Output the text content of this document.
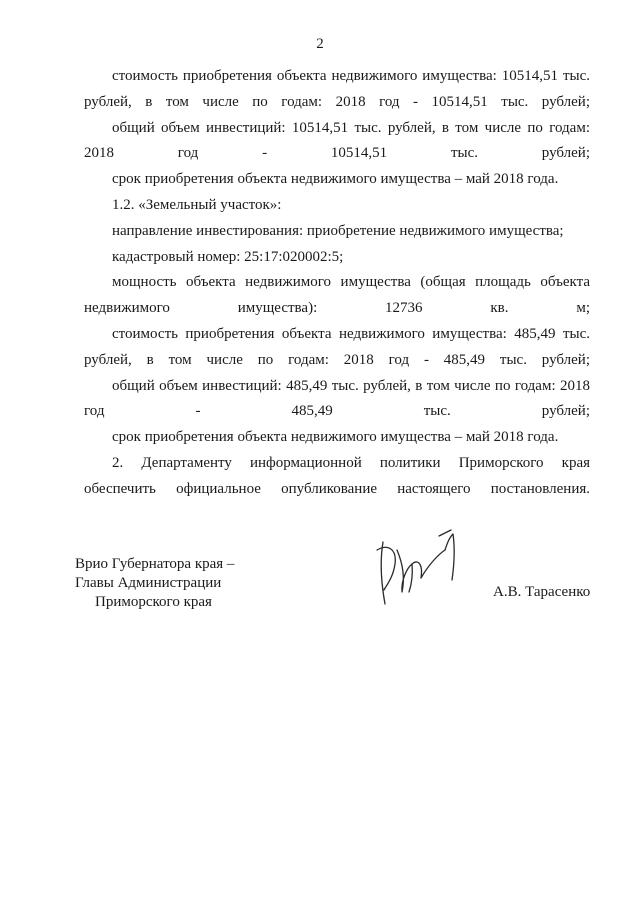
2

стоимость приобретения объекта недвижимого имущества: 10514,51 тыс. рублей, в том числе по годам: 2018 год - 10514,51 тыс. рублей;

общий объем инвестиций: 10514,51 тыс. рублей, в том числе по годам: 2018 год - 10514,51 тыс. рублей;

срок приобретения объекта недвижимого имущества – май 2018 года.

1.2. «Земельный участок»:

направление инвестирования: приобретение недвижимого имущества;

кадастровый номер: 25:17:020002:5;

мощность объекта недвижимого имущества (общая площадь объекта недвижимого имущества): 12736 кв. м;

стоимость приобретения объекта недвижимого имущества: 485,49 тыс. рублей, в том числе по годам: 2018 год - 485,49 тыс. рублей;

общий объем инвестиций: 485,49 тыс. рублей, в том числе по годам: 2018 год - 485,49 тыс. рублей;

срок приобретения объекта недвижимого имущества – май 2018 года.

2. Департаменту информационной политики Приморского края обеспечить официальное опубликование настоящего постановления.

Врио Губернатора края –
Главы Администрации
Приморского края
А.В. Тарасенко
